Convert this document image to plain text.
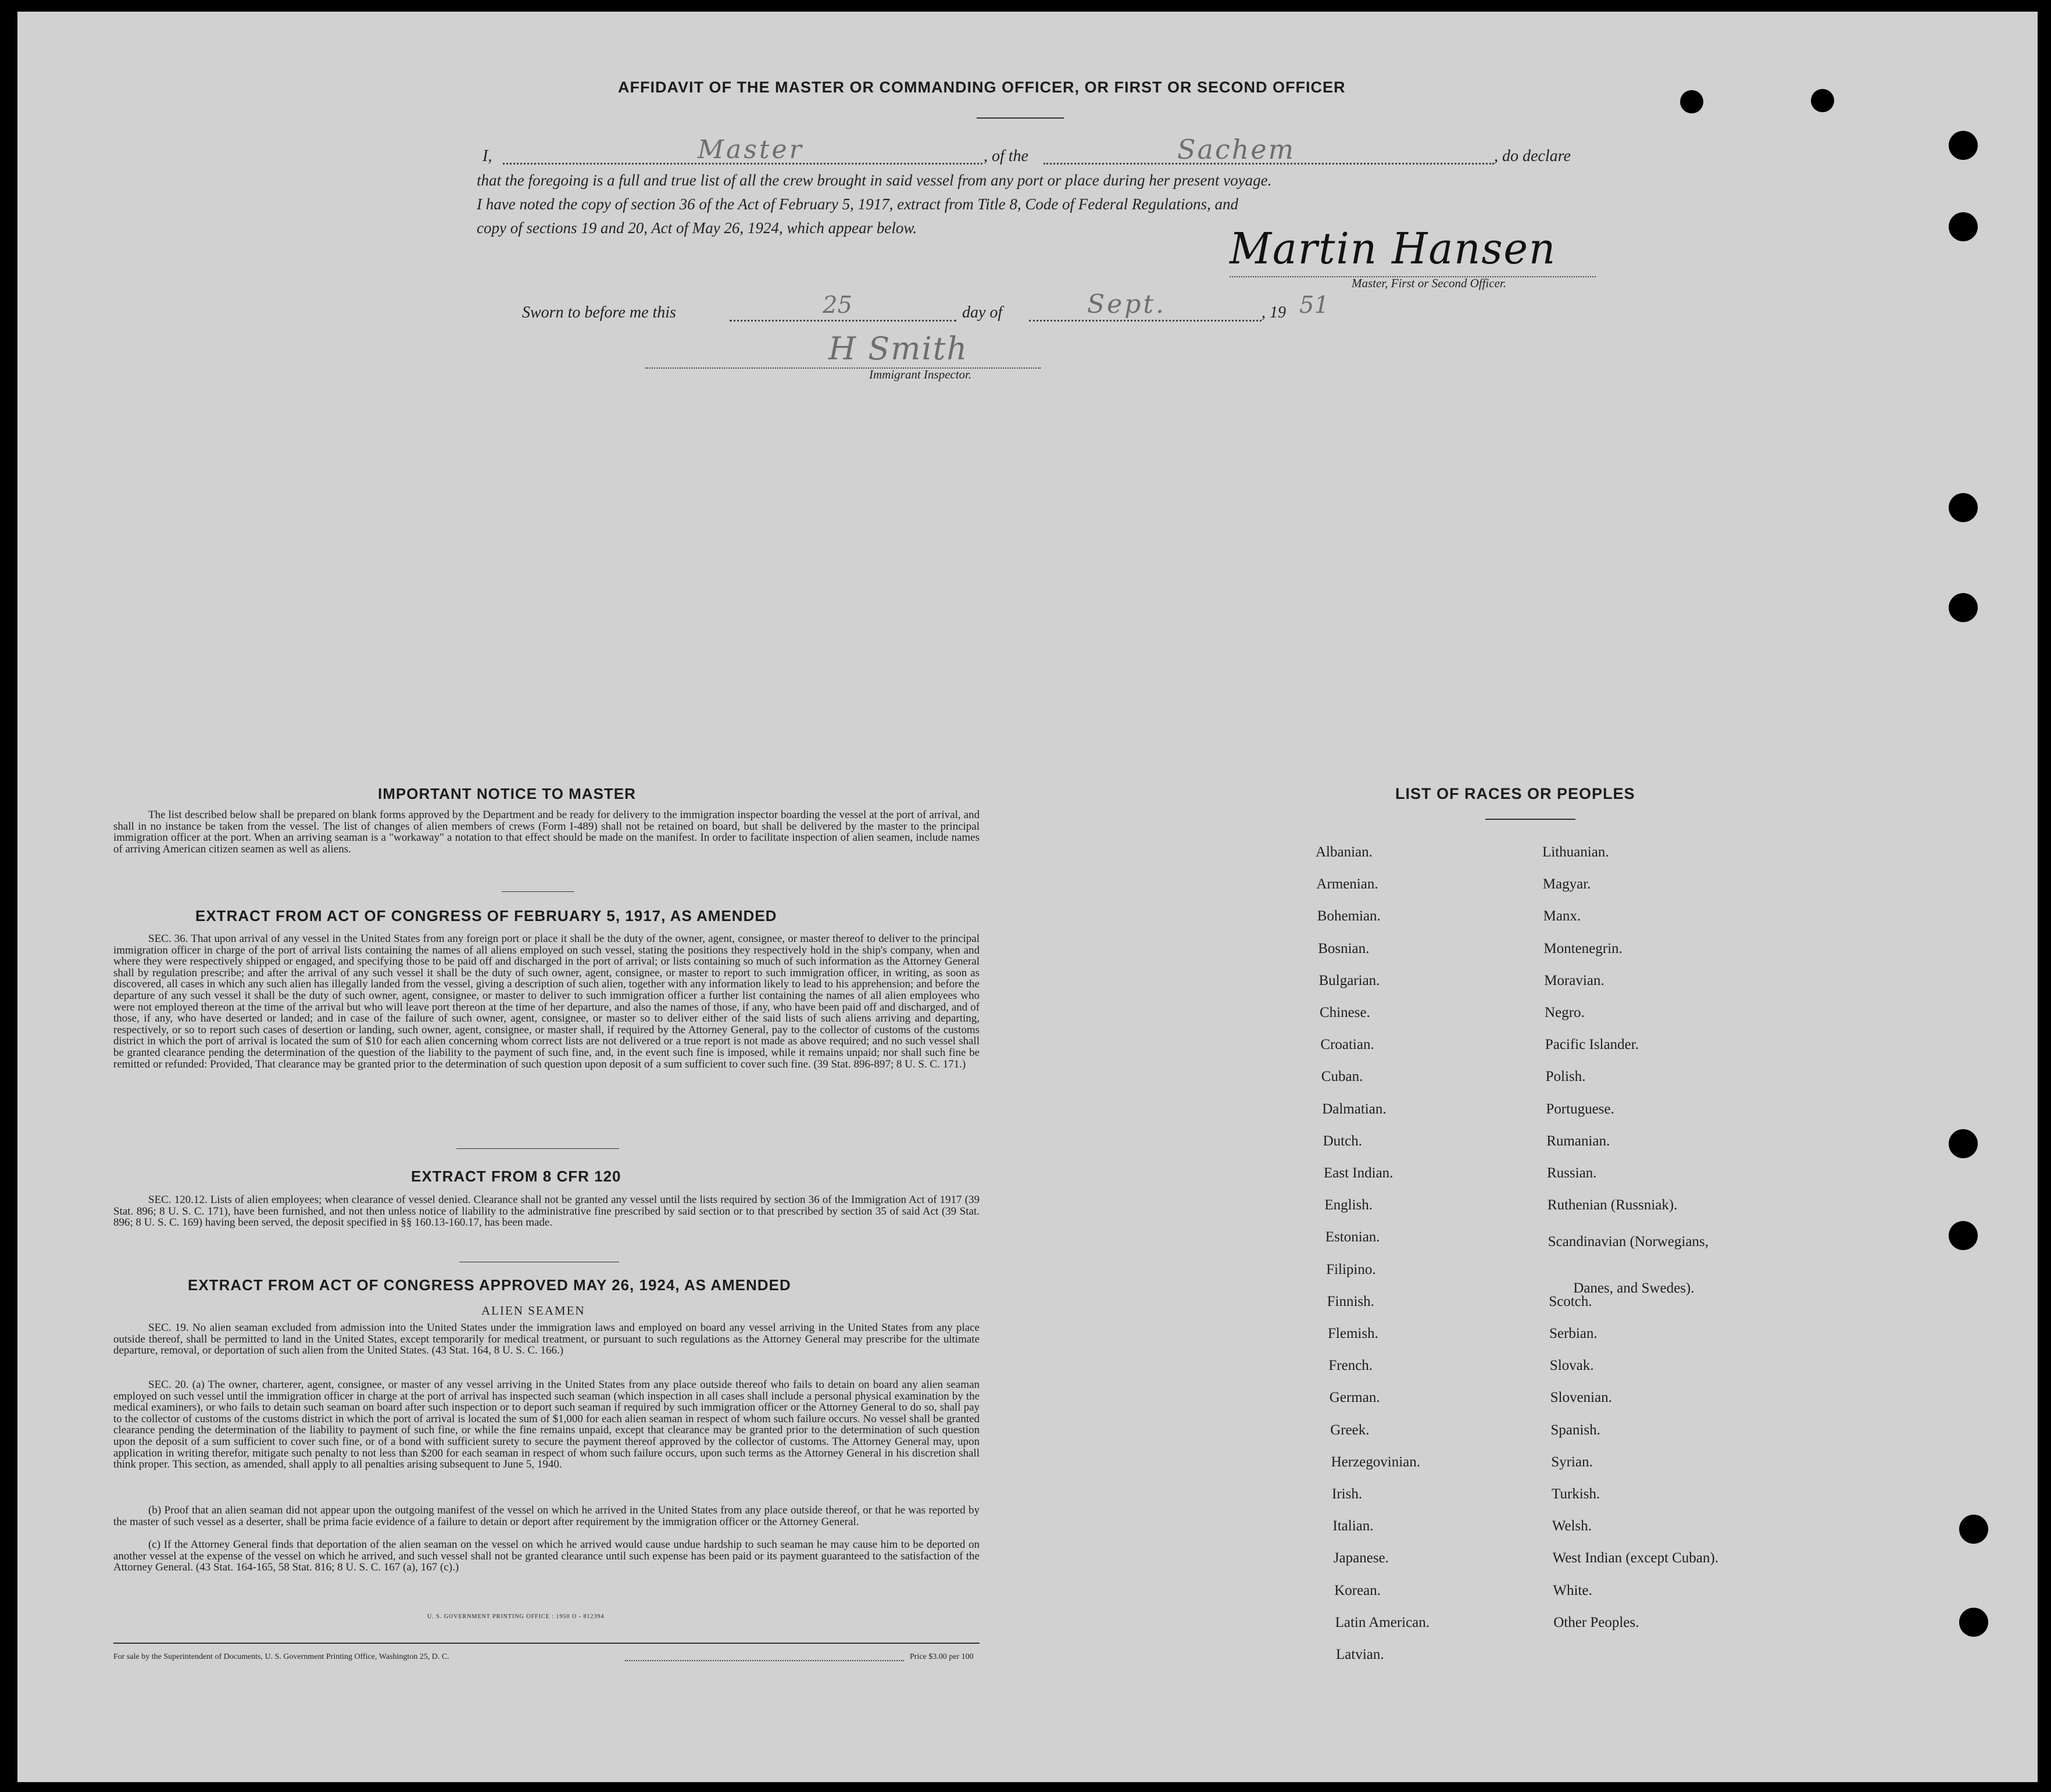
AFFIDAVIT OF THE MASTER OR COMMANDING OFFICER, OR FIRST OR SECOND OFFICER
I,	Master	, of the	Sachem	, do declare
that the foregoing is a full and true list of all the crew brought in said vessel from any port or place during her present voyage.
I have noted the copy of section 36 of the Act of February 5, 1917, extract from Title 8, Code of Federal Regulations, and
copy of sections 19 and 20, Act of May 26, 1924, which appear below.	Martin Hansen
Master, First or Second Officer.
Sworn to before me this	25	day of	Sept.	, 19 51
H Smith
Immigrant Inspector.
IMPORTANT NOTICE TO MASTER

The list described below shall be prepared on blank forms approved by the Department and be ready for delivery to the immigration inspector boarding the vessel at the port of arrival, and shall in no instance be taken from the vessel. The list of changes of alien members of crews (Form I-489) shall not be retained on board, but shall be delivered by the master to the principal immigration officer at the port. When an arriving seaman is a "workaway" a notation to that effect should be made on the manifest. In order to facilitate inspection of alien seamen, include names of arriving American citizen seamen as well as aliens.

EXTRACT FROM ACT OF CONGRESS OF FEBRUARY 5, 1917, AS AMENDED

SEC. 36. That upon arrival of any vessel in the United States from any foreign port or place it shall be the duty of the owner, agent, consignee, or master thereof to deliver to the principal immigration officer in charge of the port of arrival lists containing the names of all aliens employed on such vessel, stating the positions they respectively hold in the ship's company, when and where they were respectively shipped or engaged, and specifying those to be paid off and discharged in the port of arrival; or lists containing so much of such information as the Attorney General shall by regulation prescribe; and after the arrival of any such vessel it shall be the duty of such owner, agent, consignee, or master to report to such immigration officer, in writing, as soon as discovered, all cases in which any such alien has illegally landed from the vessel, giving a description of such alien, together with any information likely to lead to his apprehension; and before the departure of any such vessel it shall be the duty of such owner, agent, consignee, or master to deliver to such immigration officer a further list containing the names of all alien employees who were not employed thereon at the time of the arrival but who will leave port thereon at the time of her departure, and also the names of those, if any, who have been paid off and discharged, and of those, if any, who have deserted or landed; and in case of the failure of such owner, agent, consignee, or master so to deliver either of the said lists of such aliens arriving and departing, respectively, or so to report such cases of desertion or landing, such owner, agent, consignee, or master shall, if required by the Attorney General, pay to the collector of customs of the customs district in which the port of arrival is located the sum of $10 for each alien concerning whom correct lists are not delivered or a true report is not made as above required; and no such vessel shall be granted clearance pending the determination of the question of the liability to the payment of such fine, and, in the event such fine is imposed, while it remains unpaid; nor shall such fine be remitted or refunded: Provided, That clearance may be granted prior to the determination of such question upon deposit of a sum sufficient to cover such fine. (39 Stat. 896-897; 8 U. S. C. 171.)

EXTRACT FROM 8 CFR 120

SEC. 120.12. Lists of alien employees; when clearance of vessel denied. Clearance shall not be granted any vessel until the lists required by section 36 of the Immigration Act of 1917 (39 Stat. 896; 8 U. S. C. 171), have been furnished, and not then unless notice of liability to the administrative fine prescribed by said section or to that prescribed by section 35 of said Act (39 Stat. 896; 8 U. S. C. 169) having been served, the deposit specified in §§ 160.13-160.17, has been made.

EXTRACT FROM ACT OF CONGRESS APPROVED MAY 26, 1924, AS AMENDED
ALIEN SEAMEN

SEC. 19. No alien seaman excluded from admission into the United States under the immigration laws and employed on board any vessel arriving in the United States from any place outside thereof, shall be permitted to land in the United States, except temporarily for medical treatment, or pursuant to such regulations as the Attorney General may prescribe for the ultimate departure, removal, or deportation of such alien from the United States. (43 Stat. 164, 8 U. S. C. 166.)

SEC. 20. (a) The owner, charterer, agent, consignee, or master of any vessel arriving in the United States from any place outside thereof who fails to detain on board any alien seaman employed on such vessel until the immigration officer in charge at the port of arrival has inspected such seaman (which inspection in all cases shall include a personal physical examination by the medical examiners), or who fails to detain such seaman on board after such inspection or to deport such seaman if required by such immigration officer or the Attorney General to do so, shall pay to the collector of customs of the customs district in which the port of arrival is located the sum of $1,000 for each alien seaman in respect of whom such failure occurs. No vessel shall be granted clearance pending the determination of the liability to payment of such fine, or while the fine remains unpaid, except that clearance may be granted prior to the determination of such question upon the deposit of a sum sufficient to cover such fine, or of a bond with sufficient surety to secure the payment thereof approved by the collector of customs. The Attorney General may, upon application in writing therefor, mitigate such penalty to not less than $200 for each seaman in respect of whom such failure occurs, upon such terms as the Attorney General in his discretion shall think proper. This section, as amended, shall apply to all penalties arising subsequent to June 5, 1940.

(b) Proof that an alien seaman did not appear upon the outgoing manifest of the vessel on which he arrived in the United States from any place outside thereof, or that he was reported by the master of such vessel as a deserter, shall be prima facie evidence of a failure to detain or deport after requirement by the immigration officer or the Attorney General.

(c) If the Attorney General finds that deportation of the alien seaman on the vessel on which he arrived would cause undue hardship to such seaman he may cause him to be deported on another vessel at the expense of the vessel on which he arrived, and such vessel shall not be granted clearance until such expense has been paid or its payment guaranteed to the satisfaction of the Attorney General. (43 Stat. 164-165, 58 Stat. 816; 8 U. S. C. 167 (a), 167 (c).)

U. S. GOVERNMENT PRINTING OFFICE : 1950 O - 812394
For sale by the Superintendent of Documents, U. S. Government Printing Office, Washington 25, D. C.	Price $3.00 per 100
LIST OF RACES OR PEOPLES
Albanian.
Armenian.
Bohemian.
Bosnian.
Bulgarian.
Chinese.
Croatian.
Cuban.
Dalmatian.
Dutch.
East Indian.
English.
Estonian.
Filipino.
Finnish.
Flemish.
French.
German.
Greek.
Herzegovinian.
Irish.
Italian.
Japanese.
Korean.
Latin American.
Latvian.
Lithuanian.
Magyar.
Manx.
Montenegrin.
Moravian.
Negro.
Pacific Islander.
Polish.
Portuguese.
Rumanian.
Russian.
Ruthenian (Russniak).
Scandinavian (Norwegians,
Danes, and Swedes).
Scotch.
Serbian.
Slovak.
Slovenian.
Spanish.
Syrian.
Turkish.
Welsh.
West Indian (except Cuban).
White.
Other Peoples.
